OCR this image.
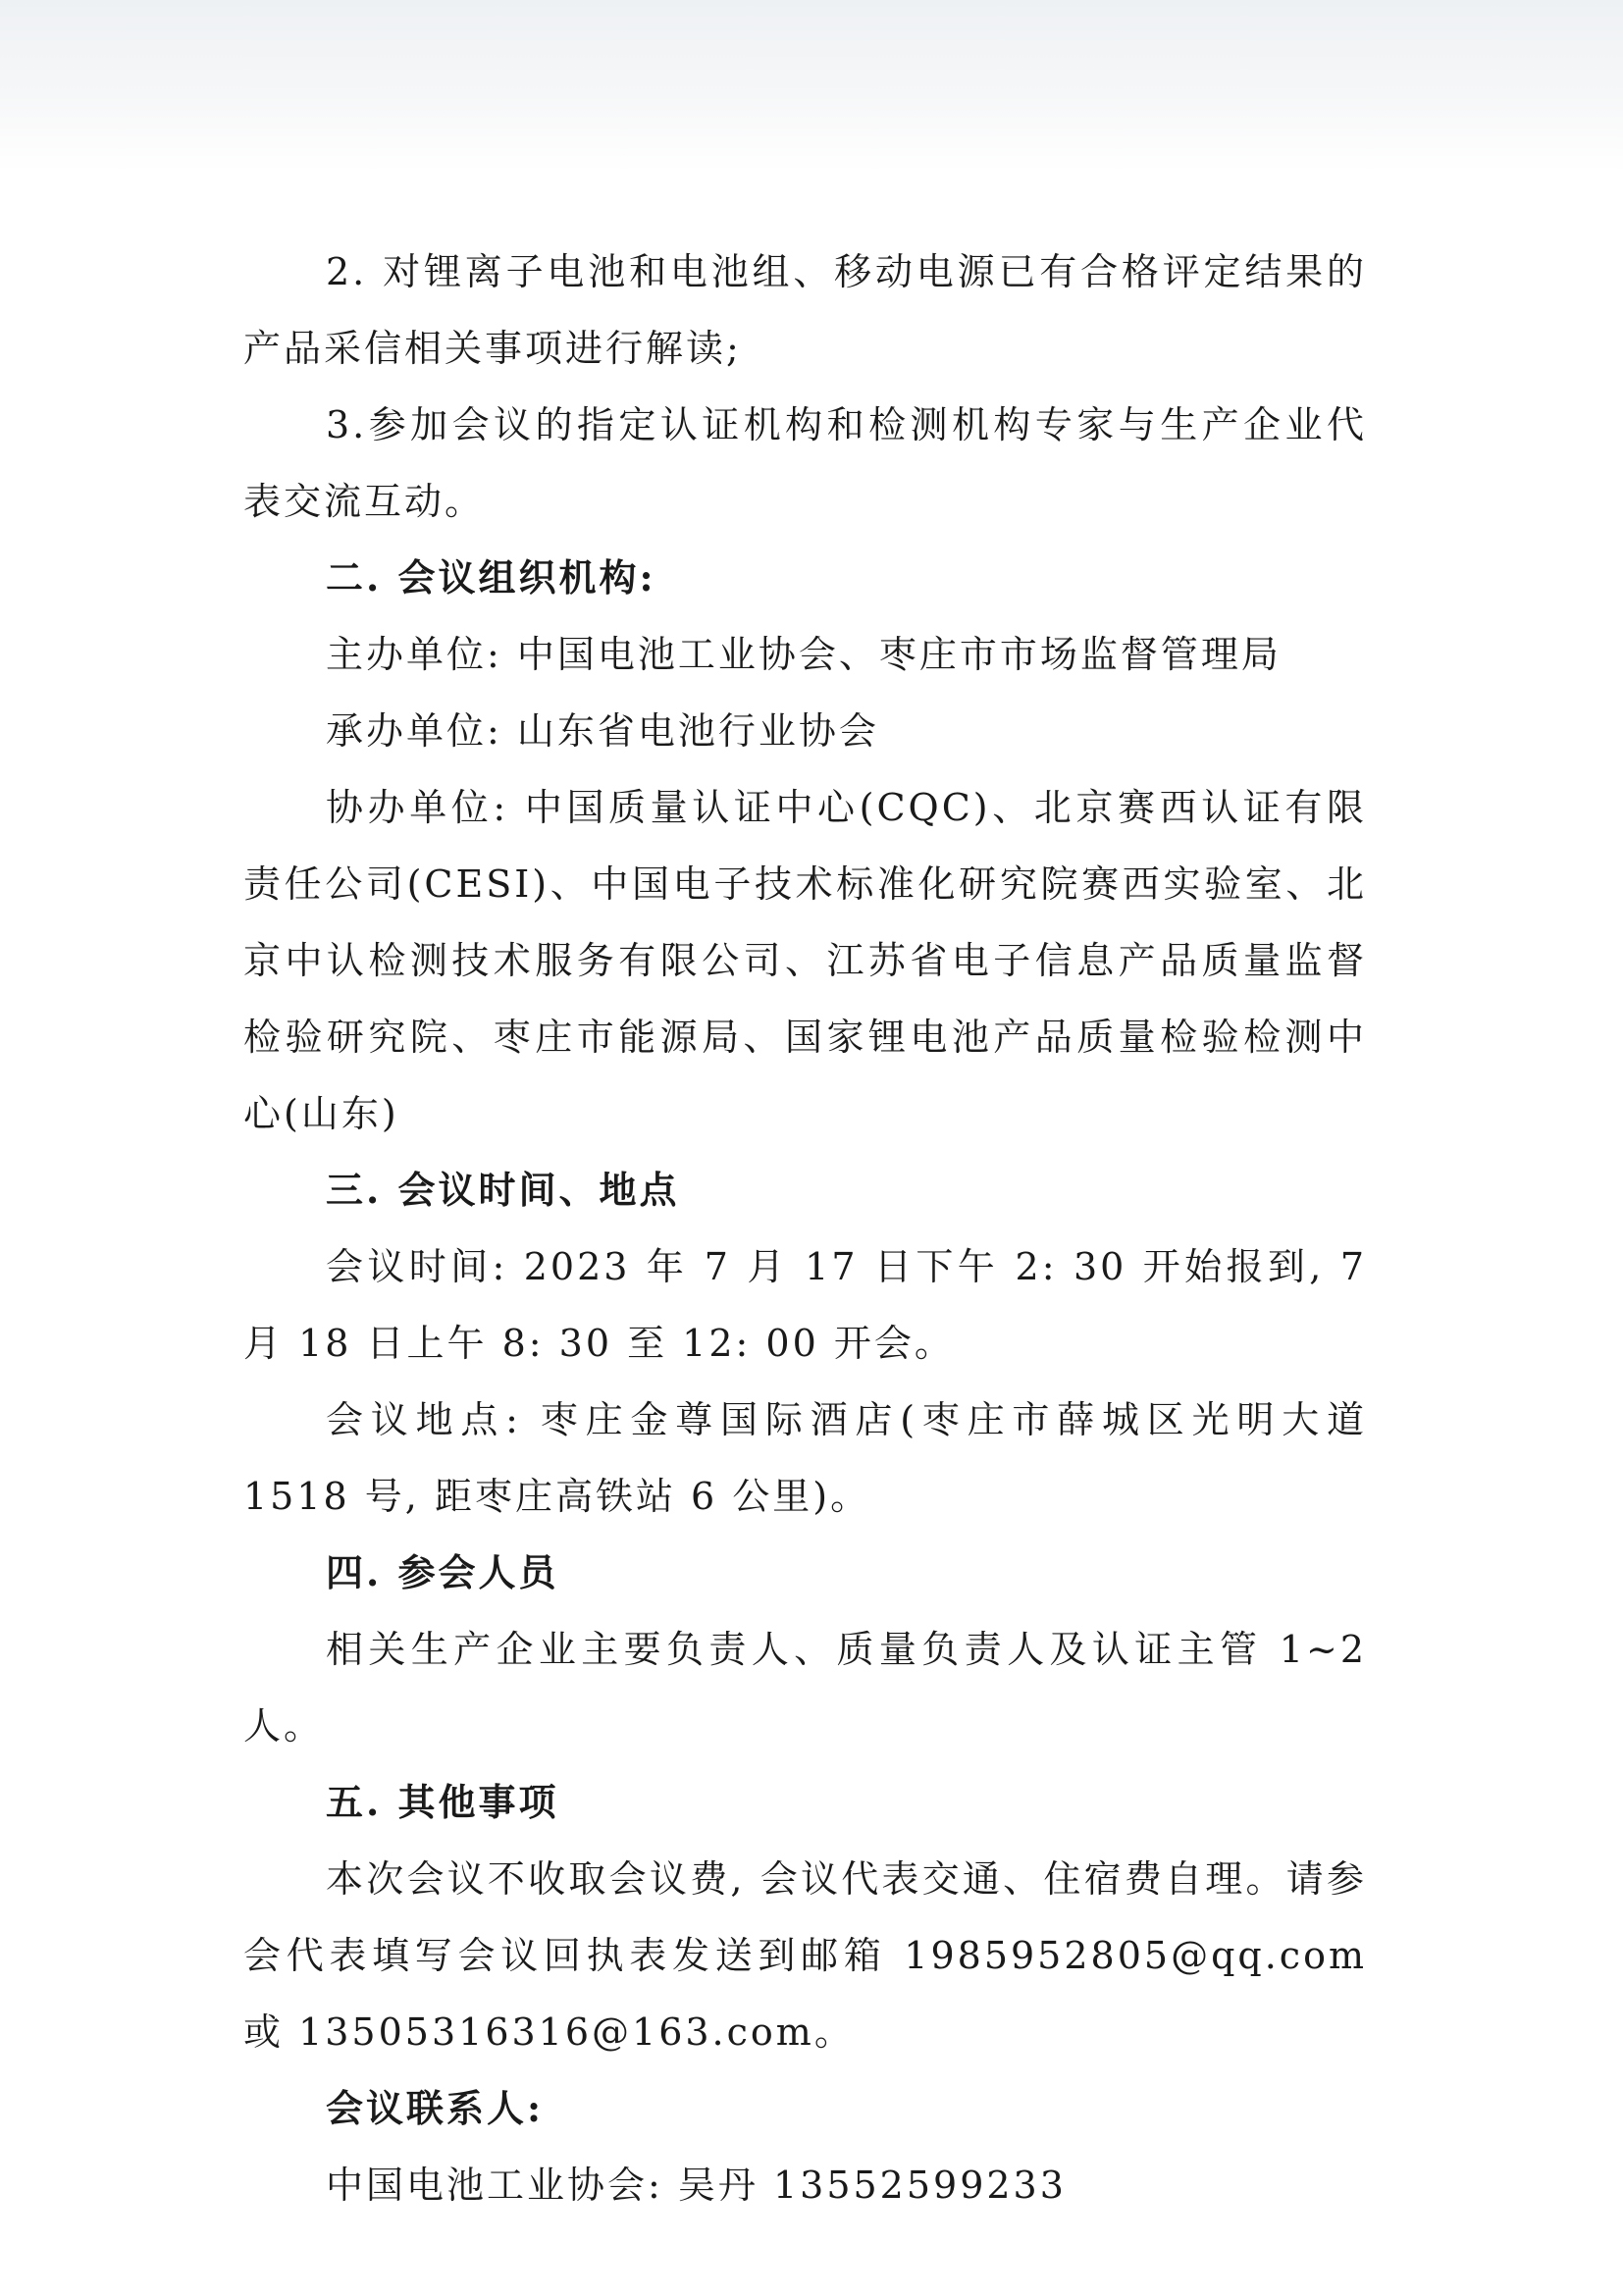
2. 对锂离子电池和电池组、移动电源已有合格评定结果的产品采信相关事项进行解读;

3.参加会议的指定认证机构和检测机构专家与生产企业代表交流互动。

二. 会议组织机构:

主办单位: 中国电池工业协会、枣庄市市场监督管理局

承办单位: 山东省电池行业协会

协办单位: 中国质量认证中心(CQC)、北京赛西认证有限责任公司(CESI)、中国电子技术标准化研究院赛西实验室、北京中认检测技术服务有限公司、江苏省电子信息产品质量监督检验研究院、枣庄市能源局、国家锂电池产品质量检验检测中心(山东)

三. 会议时间、地点

会议时间: 2023 年 7 月 17 日下午 2: 30 开始报到, 7 月 18 日上午 8: 30 至 12: 00 开会。

会议地点: 枣庄金尊国际酒店(枣庄市薛城区光明大道 1518 号, 距枣庄高铁站 6 公里)。

四. 参会人员

相关生产企业主要负责人、质量负责人及认证主管 1~2 人。

五. 其他事项

本次会议不收取会议费, 会议代表交通、住宿费自理。请参会代表填写会议回执表发送到邮箱 1985952805@qq.com 或 13505316316@163.com。

会议联系人:

中国电池工业协会: 吴丹 13552599233
